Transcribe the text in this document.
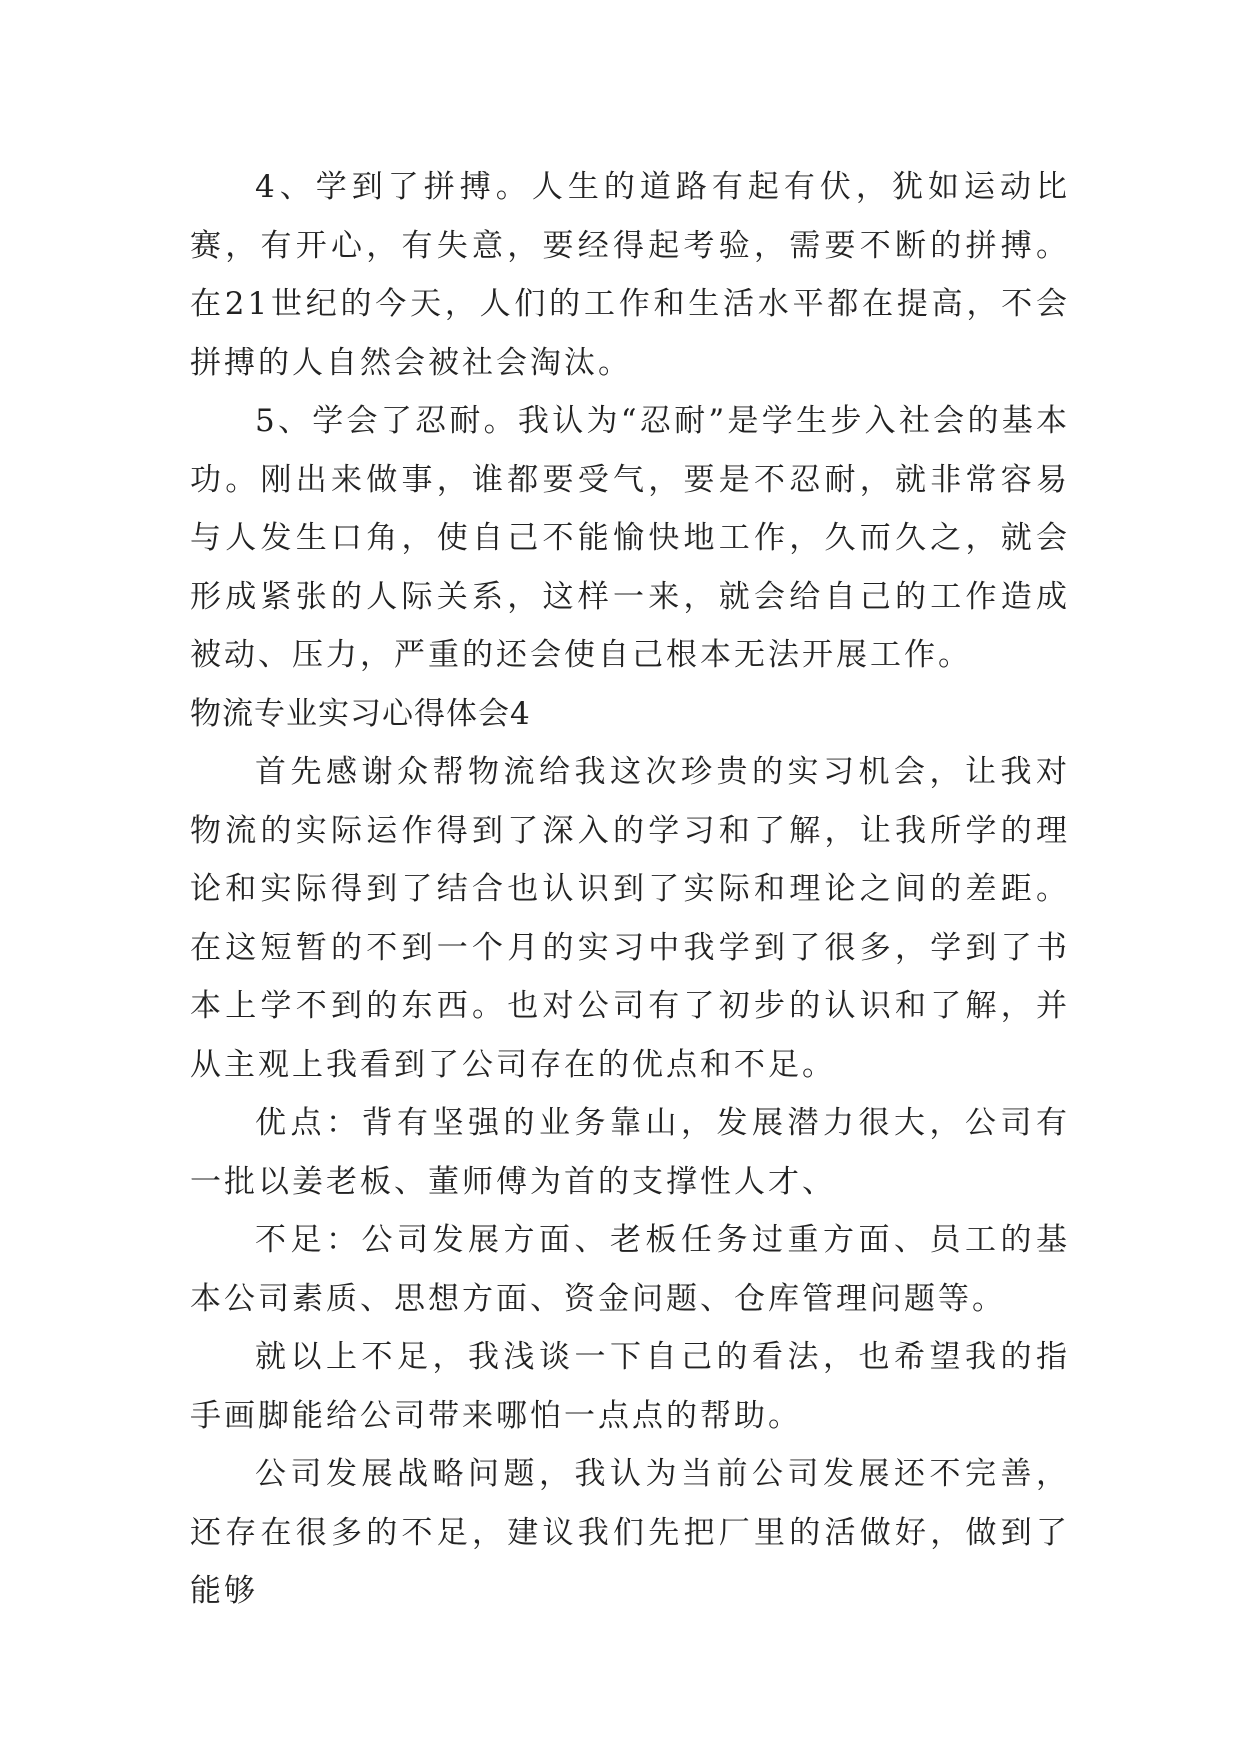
4、学到了拼搏。人生的道路有起有伏，犹如运动比赛，有开心，有失意，要经得起考验，需要不断的拼搏。在21世纪的今天，人们的工作和生活水平都在提高，不会拼搏的人自然会被社会淘汰。

5、学会了忍耐。我认为“忍耐”是学生步入社会的基本功。刚出来做事，谁都要受气，要是不忍耐，就非常容易与人发生口角，使自己不能愉快地工作，久而久之，就会形成紧张的人际关系，这样一来，就会给自己的工作造成被动、压力，严重的还会使自己根本无法开展工作。

物流专业实习心得体会4

首先感谢众帮物流给我这次珍贵的实习机会，让我对物流的实际运作得到了深入的学习和了解，让我所学的理论和实际得到了结合也认识到了实际和理论之间的差距。在这短暂的不到一个月的实习中我学到了很多，学到了书本上学不到的东西。也对公司有了初步的认识和了解，并从主观上我看到了公司存在的优点和不足。

优点：背有坚强的业务靠山，发展潜力很大，公司有一批以姜老板、董师傅为首的支撑性人才、

不足：公司发展方面、老板任务过重方面、员工的基本公司素质、思想方面、资金问题、仓库管理问题等。

就以上不足，我浅谈一下自己的看法，也希望我的指手画脚能给公司带来哪怕一点点的帮助。

公司发展战略问题，我认为当前公司发展还不完善，还存在很多的不足，建议我们先把厂里的活做好，做到了能够
